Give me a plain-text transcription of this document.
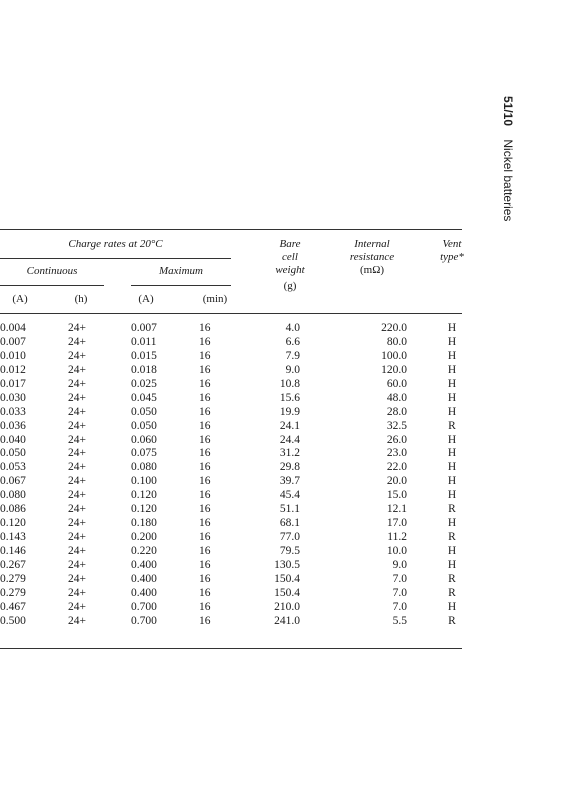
51/10 Nickel batteries
Charge rates at 20°C
Continuous	Maximum
(A)	(h)	(A)	(min)
Bare
cell
weight
(g)
Internal
resistance
(mΩ)
Vent
type*
0.004	24+	0.007	16	4.0	220.0	H
0.007	24+	0.011	16	6.6	80.0	H
0.010	24+	0.015	16	7.9	100.0	H
0.012	24+	0.018	16	9.0	120.0	H
0.017	24+	0.025	16	10.8	60.0	H
0.030	24+	0.045	16	15.6	48.0	H
0.033	24+	0.050	16	19.9	28.0	H
0.036	24+	0.050	16	24.1	32.5	R
0.040	24+	0.060	16	24.4	26.0	H
0.050	24+	0.075	16	31.2	23.0	H
0.053	24+	0.080	16	29.8	22.0	H
0.067	24+	0.100	16	39.7	20.0	H
0.080	24+	0.120	16	45.4	15.0	H
0.086	24+	0.120	16	51.1	12.1	R
0.120	24+	0.180	16	68.1	17.0	H
0.143	24+	0.200	16	77.0	11.2	R
0.146	24+	0.220	16	79.5	10.0	H
0.267	24+	0.400	16	130.5	9.0	H
0.279	24+	0.400	16	150.4	7.0	R
0.279	24+	0.400	16	150.4	7.0	R
0.467	24+	0.700	16	210.0	7.0	H
0.500	24+	0.700	16	241.0	5.5	R
